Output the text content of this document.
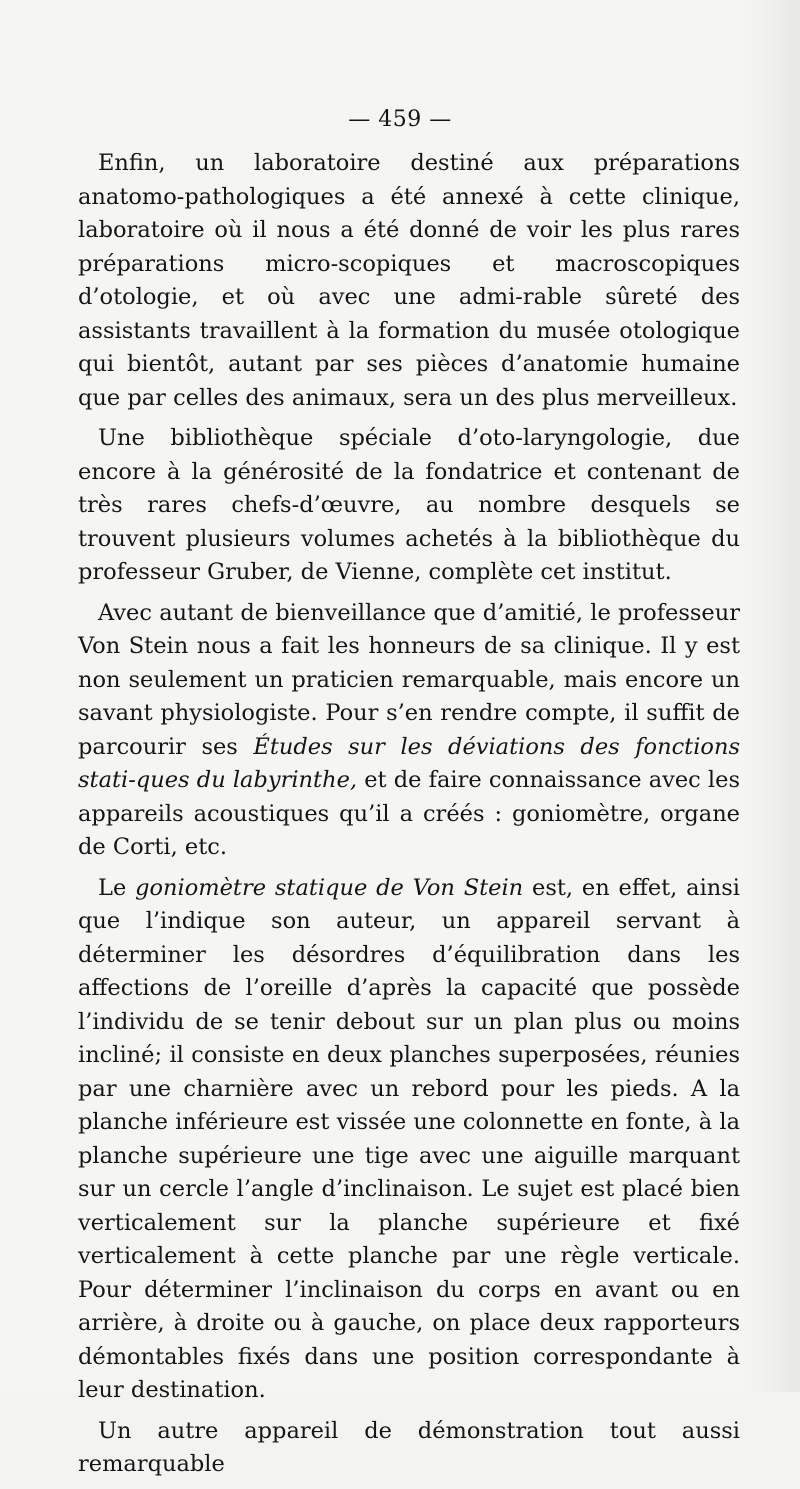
— 459 —

Enfin, un laboratoire destiné aux préparations anatomo-pathologiques a été annexé à cette clinique, laboratoire où il nous a été donné de voir les plus rares préparations micro-scopiques et macroscopiques d’otologie, et où avec une admi-rable sûreté des assistants travaillent à la formation du musée otologique qui bientôt, autant par ses pièces d’anatomie humaine que par celles des animaux, sera un des plus merveilleux.

Une bibliothèque spéciale d’oto-laryngologie, due encore à la générosité de la fondatrice et contenant de très rares chefs-d’œuvre, au nombre desquels se trouvent plusieurs volumes achetés à la bibliothèque du professeur Gruber, de Vienne, complète cet institut.

Avec autant de bienveillance que d’amitié, le professeur Von Stein nous a fait les honneurs de sa clinique. Il y est non seulement un praticien remarquable, mais encore un savant physiologiste. Pour s’en rendre compte, il suffit de parcourir ses Études sur les déviations des fonctions stati-ques du labyrinthe, et de faire connaissance avec les appareils acoustiques qu’il a créés : goniomètre, organe de Corti, etc.

Le goniomètre statique de Von Stein est, en effet, ainsi que l’indique son auteur, un appareil servant à déterminer les désordres d’équilibration dans les affections de l’oreille d’après la capacité que possède l’individu de se tenir debout sur un plan plus ou moins incliné; il consiste en deux planches superposées, réunies par une charnière avec un rebord pour les pieds. A la planche inférieure est vissée une colonnette en fonte, à la planche supérieure une tige avec une aiguille marquant sur un cercle l’angle d’inclinaison. Le sujet est placé bien verticalement sur la planche supérieure et fixé verticalement à cette planche par une règle verticale. Pour déterminer l’inclinaison du corps en avant ou en arrière, à droite ou à gauche, on place deux rapporteurs démontables fixés dans une position correspondante à leur destination.

Un autre appareil de démonstration tout aussi remarquable
